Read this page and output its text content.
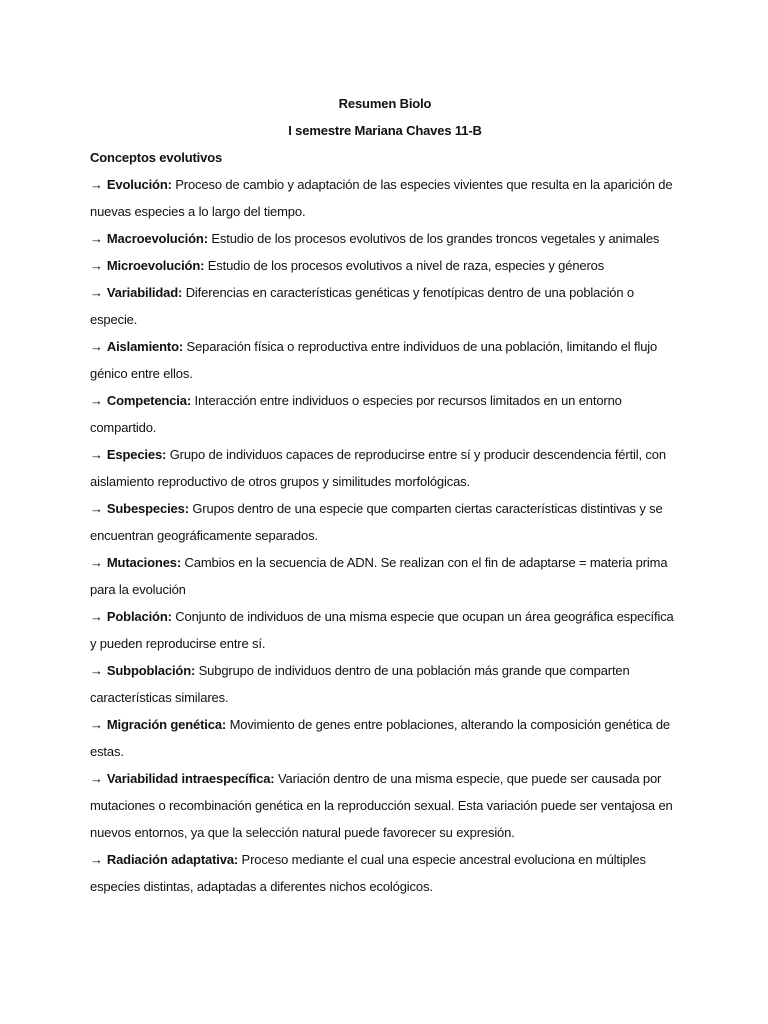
Resumen Biolo
I semestre Mariana Chaves 11-B
Conceptos evolutivos
→ Evolución: Proceso de cambio y adaptación de las especies vivientes que resulta en la aparición de nuevas especies a lo largo del tiempo.
→ Macroevolución: Estudio de los procesos evolutivos de los grandes troncos vegetales y animales
→ Microevolución: Estudio de los procesos evolutivos a nivel de raza, especies y géneros
→ Variabilidad: Diferencias en características genéticas y fenotípicas dentro de una población o especie.
→ Aislamiento: Separación física o reproductiva entre individuos de una población, limitando el flujo génico entre ellos.
→ Competencia: Interacción entre individuos o especies por recursos limitados en un entorno compartido.
→ Especies: Grupo de individuos capaces de reproducirse entre sí y producir descendencia fértil, con aislamiento reproductivo de otros grupos y similitudes morfológicas.
→ Subespecies: Grupos dentro de una especie que comparten ciertas características distintivas y se encuentran geográficamente separados.
→ Mutaciones: Cambios en la secuencia de ADN. Se realizan con el fin de adaptarse = materia prima para la evolución
→ Población: Conjunto de individuos de una misma especie que ocupan un área geográfica específica y pueden reproducirse entre sí.
→ Subpoblación: Subgrupo de individuos dentro de una población más grande que comparten características similares.
→ Migración genética: Movimiento de genes entre poblaciones, alterando la composición genética de estas.
→ Variabilidad intraespecífica: Variación dentro de una misma especie, que puede ser causada por mutaciones o recombinación genética en la reproducción sexual. Esta variación puede ser ventajosa en nuevos entornos, ya que la selección natural puede favorecer su expresión.
→ Radiación adaptativa: Proceso mediante el cual una especie ancestral evoluciona en múltiples especies distintas, adaptadas a diferentes nichos ecológicos.
